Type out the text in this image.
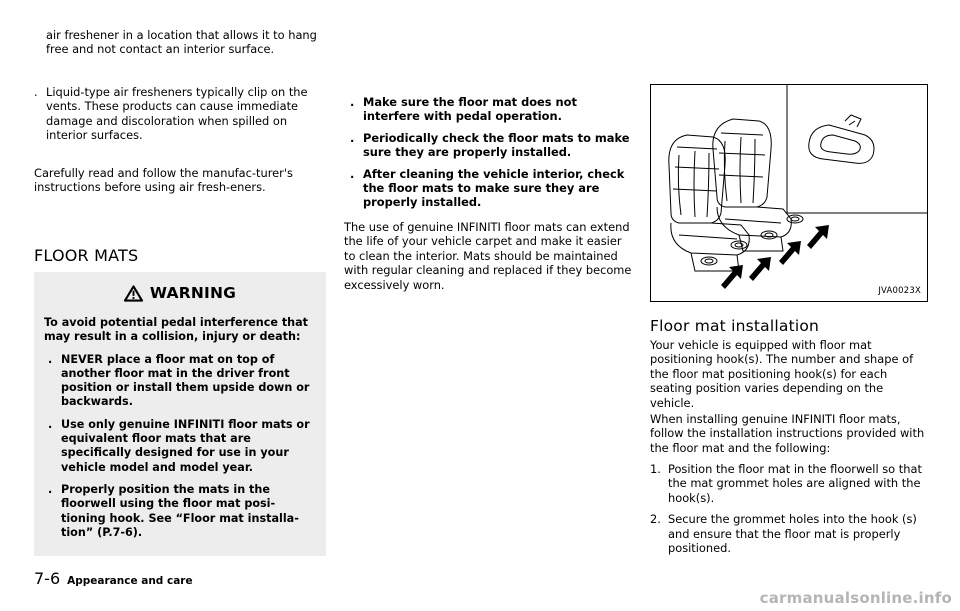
air freshener in a location that allows it to hang free and not contact an interior surface.

. Liquid-type air fresheners typically clip on the vents. These products can cause immediate damage and discoloration when spilled on interior surfaces.

Carefully read and follow the manufac-turer's instructions before using air fresh-eners.

FLOOR MATS
WARNING

To avoid potential pedal interference that may result in a collision, injury or death:

. NEVER place a floor mat on top of another floor mat in the driver front position or install them upside down or backwards.
. Use only genuine INFINITI floor mats or equivalent floor mats that are specifically designed for use in your vehicle model and model year.
. Properly position the mats in the floorwell using the floor mat posi-tioning hook. See “Floor mat installa-tion” (P.7-6).
. Make sure the floor mat does not interfere with pedal operation.
. Periodically check the floor mats to make sure they are properly installed.
. After cleaning the vehicle interior, check the floor mats to make sure they are properly installed.

The use of genuine INFINITI floor mats can extend the life of your vehicle carpet and make it easier to clean the interior. Mats should be maintained with regular cleaning and replaced if they become excessively worn.	JVA0023X
Floor mat installation

Your vehicle is equipped with floor mat positioning hook(s). The number and shape of the floor mat positioning hook(s) for each seating position varies depending on the vehicle.

When installing genuine INFINITI floor mats, follow the installation instructions provided with the floor mat and the following:

1. Position the floor mat in the floorwell so that the mat grommet holes are aligned with the hook(s).
2. Secure the grommet holes into the hook (s) and ensure that the floor mat is properly positioned.
7-6 Appearance and care
carmanualsonline.info
